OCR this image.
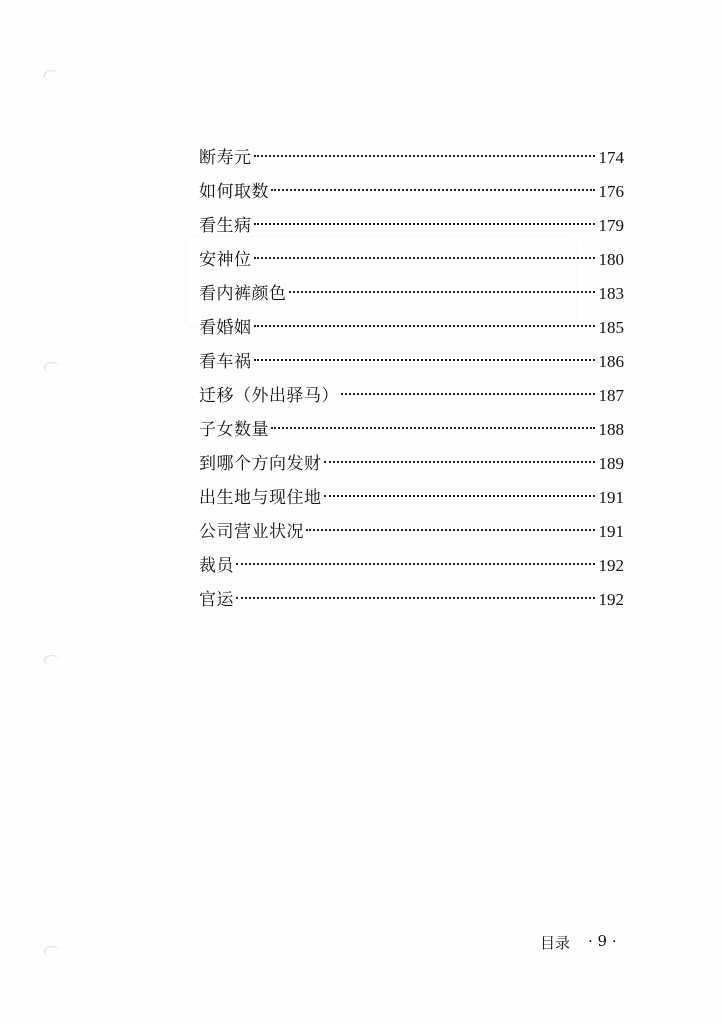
断寿元	174
如何取数	176
看生病	179
安神位	180
看内裤颜色	183
看婚姻	185
看车祸	186
迁移（外出驿马）	187
子女数量	188
到哪个方向发财	189
出生地与现住地	191
公司营业状况	191
裁员	192
官运	192
目录 · 9 ·
